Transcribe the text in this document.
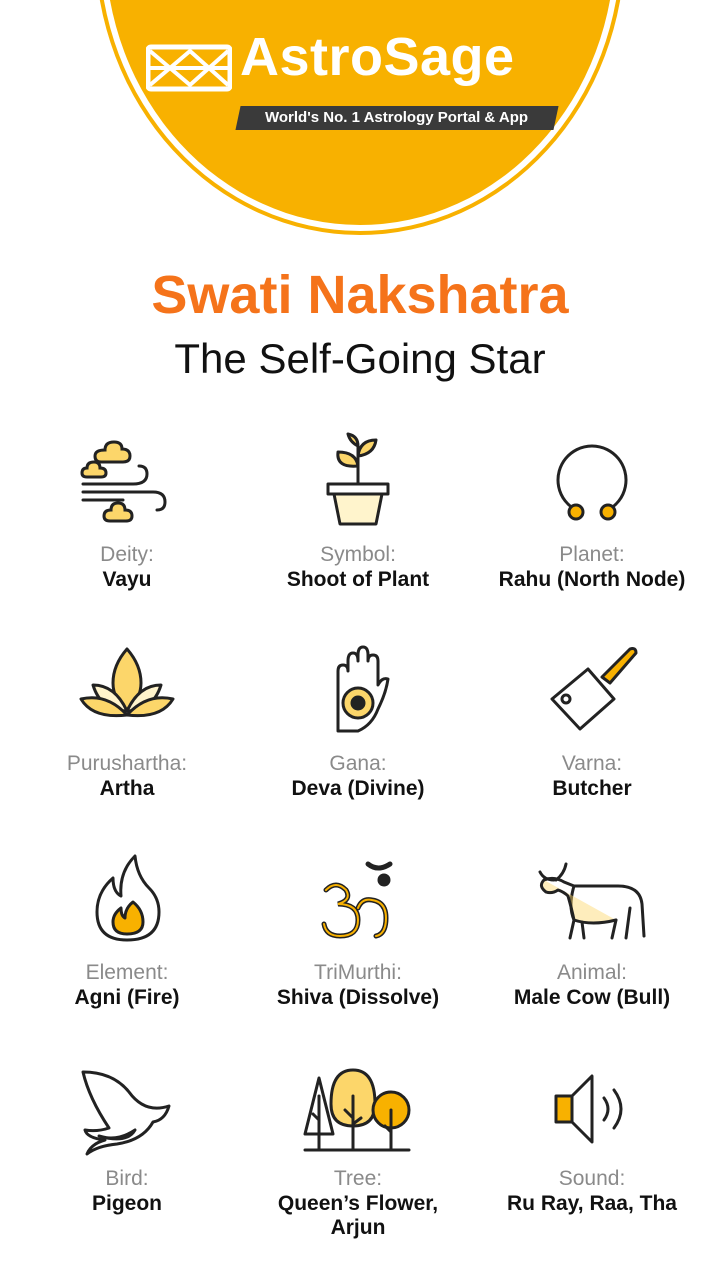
AstroSage
World's No. 1 Astrology Portal & App
Swati Nakshatra
The Self-Going Star
Deity:
Vayu
Symbol:
Shoot of Plant
Planet:
Rahu (North Node)
Purushartha:
Artha
Gana:
Deva (Divine)
Varna:
Butcher
Element:
Agni (Fire)
TriMurthi:
Shiva (Dissolve)
Animal:
Male Cow (Bull)
Bird:
Pigeon
Tree:
Queen’s Flower,
Arjun
Sound:
Ru Ray, Raa, Tha
